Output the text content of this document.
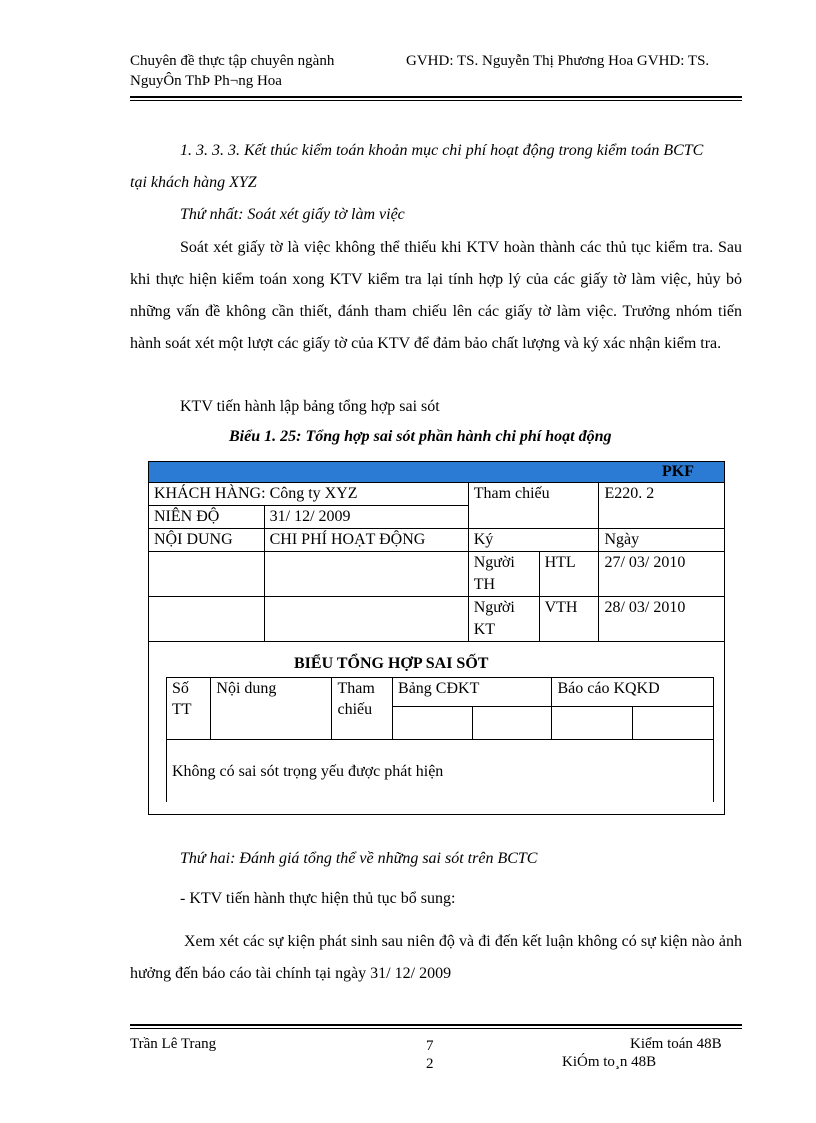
Chuyên đề thực tập chuyên ngành	GVHD: TS. Nguyễn Thị Phương Hoa GVHD: TS.
NguyÔn ThÞ Ph¬ng Hoa
1. 3. 3. 3. Kết thúc kiểm toán khoản mục chi phí hoạt động trong kiểm toán BCTC
tại khách hàng XYZ
Thứ nhất: Soát xét giấy tờ làm việc
Soát xét giấy tờ là việc không thể thiếu khi KTV hoàn thành các thủ tục kiểm tra. Sau khi thực hiện kiểm toán xong KTV kiểm tra lại tính hợp lý của các giấy tờ làm việc, hủy bỏ những vấn đề không cần thiết, đánh tham chiếu lên các giấy tờ làm việc. Trưởng nhóm tiến hành soát xét một lượt các giấy tờ của KTV để đảm bảo chất lượng và ký xác nhận kiểm tra.
KTV tiến hành lập bảng tổng hợp sai sót
Biểu 1. 25: Tổng hợp sai sót phần hành chi phí hoạt động
PKF				
KHÁCH HÀNG: Công ty XYZ		Tham chiếu		E220. 2
NIÊN ĐỘ	31/ 12/ 2009			
NỘI DUNG	CHI PHÍ HOẠT ĐỘNG	Ký		Ngày
		Người TH	HTL	27/ 03/ 2010
		Người KT	VTH	28/ 03/ 2010

BIỂU TỔNG HỢP SAI SỐT
Số TT	Nội dung	Tham chiếu	Bảng CĐKT		Báo cáo KQKD	

Không có sai sót trọng yếu được phát hiện						
Thứ hai: Đánh giá tổng thể về những sai sót trên BCTC
- KTV tiến hành thực hiện thủ tục bổ sung:
Xem xét các sự kiện phát sinh sau niên độ và đi đến kết luận không có sự kiện nào ảnh hưởng đến báo cáo tài chính tại ngày 31/ 12/ 2009
Trần Lê Trang	7
2
Kiểm toán 48B
KiÓm to¸n 48B
